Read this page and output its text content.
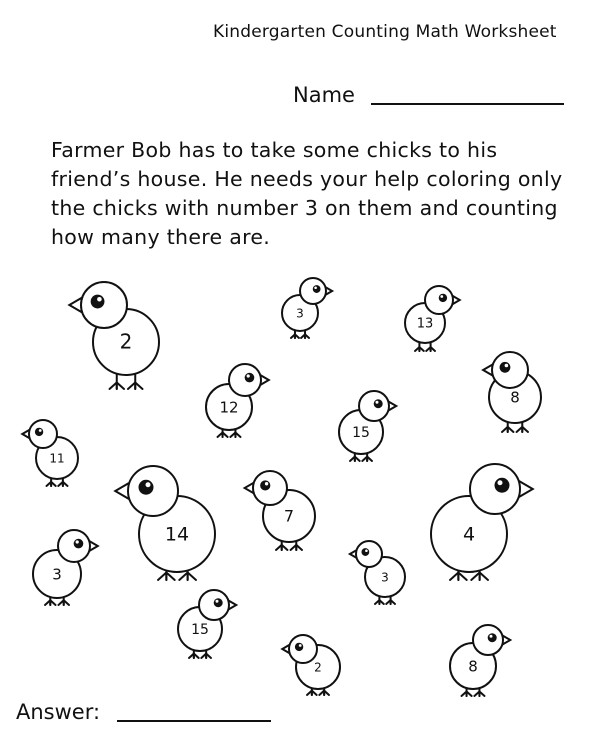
Kindergarten Counting Math Worksheet
Name
Farmer Bob has to take some chicks to his friend’s house. He needs your help coloring only the chicks with number 3 on them and counting how many there are.
2
3
13
8
12
15
11
14
7
4
3	3
15
2	8
Answer:
